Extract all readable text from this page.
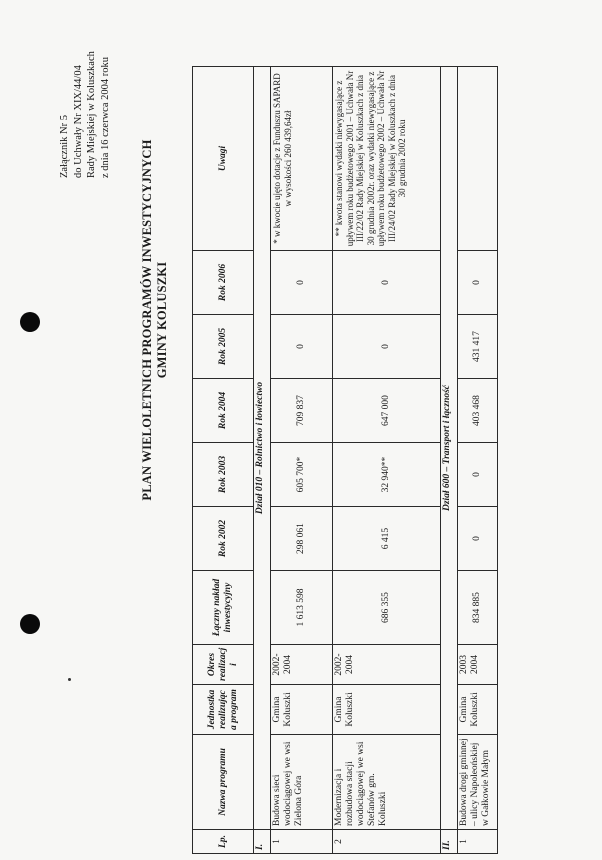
Załącznik Nr 5 do Uchwały Nr XIX/44/04 Rady Miejskiej w Koluszkach z dnia 16 czerwca 2004 roku
PLAN WIELOLETNICH PROGRAMÓW INWESTYCYJNYCH GMINY KOLUSZKI
Lp.	Nazwa programu	Jednostka realizując a program	Okres realizacj i	Łączny nakład inwestycyjny	Rok 2002	Rok 2003	Rok 2004	Rok 2005	Rok 2006	Uwagi
I.	Dział 010 – Rolnictwo i łowiectwo									
1	Budowa sieci wodociągowej we wsi Zielona Góra	Gmina Koluszki	2002-2004	1 613 598	298 061	605 700*	709 837	0	0	* w kwocie ujęto dotacje z Funduszu SAPARD w wysokości 260 439,64zł
2	Modernizacja i rozbudowa stacji wodociągowej we wsi Stefanów gm. Koluszki	Gmina Koluszki	2002-2004	686 355	6 415	32 940**	647 000	0	0	** kwota stanowi wydatki niewygasające z upływem roku budżetowego 2001 – Uchwała Nr III/22/02 Rady Miejskiej w Koluszkach z dnia 30 grudnia 2002r. oraz wydatki niewygasające z upływem roku budżetowego 2002 – Uchwała Nr III/24/02 Rady Miejskiej w Koluszkach z dnia 30 grudnia 2002 roku
II.	Dział 600 – Transport i łączność									
1	Budowa drogi gminnej – ulicy Napoleońskiej w Gałkowie Małym	Gmina Koluszki	2003 2004	834 885	0	0	403 468	431 417	0	
